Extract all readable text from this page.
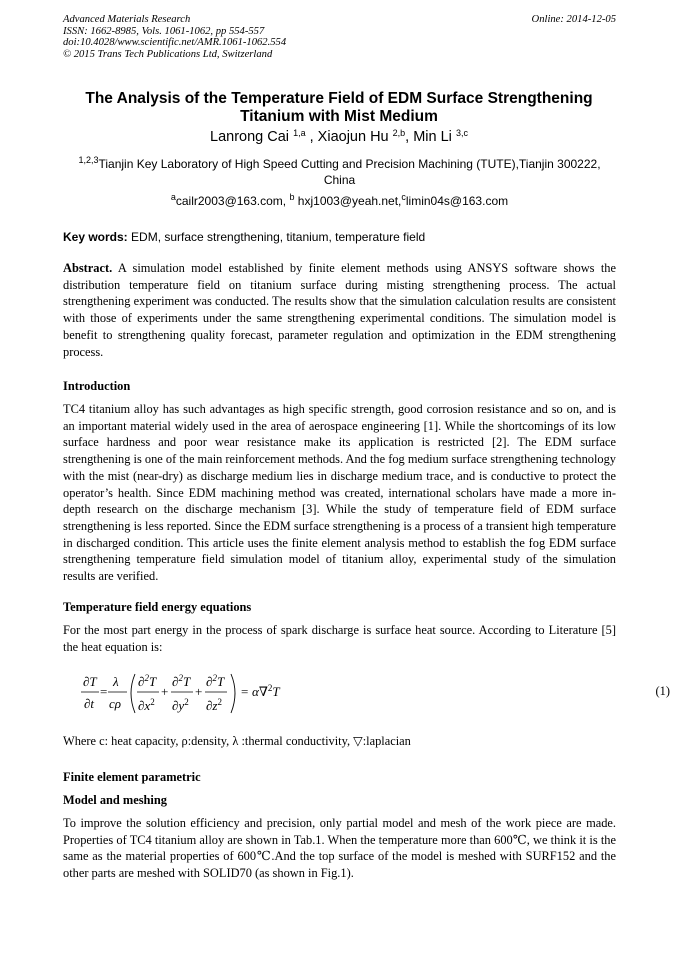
Advanced Materials Research
ISSN: 1662-8985, Vols. 1061-1062, pp 554-557
doi:10.4028/www.scientific.net/AMR.1061-1062.554
© 2015 Trans Tech Publications Ltd, Switzerland
Online: 2014-12-05
The Analysis of the Temperature Field of EDM Surface Strengthening
Titanium with Mist Medium
Lanrong Cai $^{1,a}$ , Xiaojun Hu $^{2,b}$, Min Li $^{3,c}$
$^{1,2,3}$Tianjin Key Laboratory of High Speed Cutting and Precision Machining (TUTE),Tianjin 300222,
China
$^a$cailr2003@163.com, $^b$ hxj1003@yeah.net,$^c$limin04s@163.com
Key words: EDM, surface strengthening, titanium, temperature field
Abstract. A simulation model established by finite element methods using ANSYS software shows the distribution temperature field on titanium surface during misting strengthening process. The actual strengthening experiment was conducted. The results show that the simulation calculation results are consistent with those of experiments under the same strengthening experimental conditions. The simulation model is benefit to strengthening quality forecast, parameter regulation and optimization in the EDM strengthening process.
Introduction
TC4 titanium alloy has such advantages as high specific strength, good corrosion resistance and so on, and is an important material widely used in the area of aerospace engineering [1]. While the shortcomings of its low surface hardness and poor wear resistance make its application is restricted [2]. The EDM surface strengthening is one of the main reinforcement methods. And the fog medium surface strengthening technology with the mist (near-dry) as discharge medium lies in discharge medium trace, and is conductive to protect the operator’s health. Since EDM machining method was created, international scholars have made a more in-depth research on the discharge mechanism [3]. While the study of temperature field of EDM surface strengthening is less reported. Since the EDM surface strengthening is a process of a transient high temperature in discharged condition. This article uses the finite element analysis method to establish the fog EDM surface strengthening temperature field simulation model of titanium alloy, experimental study of the simulation results are verified.
Temperature field energy equations
For the most part energy in the process of spark discharge is surface heat source. According to Literature [5] the heat equation is:
∂T
∂t
=
λ
cρ
∂$^2$T
$\partial x^2$
+
∂$^2$T
$\partial y^2$
+
∂$^2$T
$\partial z^2$
= α∇$^2$T	(1)
Where c: heat capacity, ρ:density, λ :thermal conductivity, ▽:laplacian
Finite element parametric
Model and meshing
To improve the solution efficiency and precision, only partial model and mesh of the work piece are made. Properties of TC4 titanium alloy are shown in Tab.1. When the temperature more than 600℃, we think it is the same as the material properties of 600℃.And the top surface of the model is meshed with SURF152 and the other parts are meshed with SOLID70 (as shown in Fig.1).
